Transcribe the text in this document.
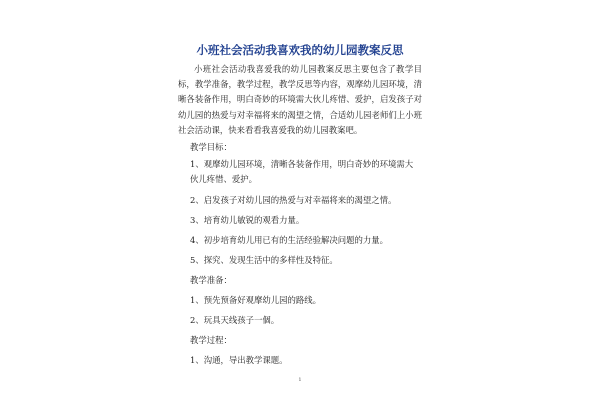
小班社会活动我喜欢我的幼儿园教案反思

小班社会活动我喜爱我的幼儿园教案反思主要包含了教学目标，教学准备，教学过程，教学反思等内容，观摩幼儿园环境，清晰各装备作用，明白奇妙的环境需大伙儿疼惜、爱护，启发孩子对幼儿园的热爱与对幸福将来的渴望之情，合适幼儿园老师们上小班社会活动课，快来看看我喜爱我的幼儿园教案吧。

教学目标：
1、观摩幼儿园环境，清晰各装备作用，明白奇妙的环境需大伙儿疼惜、爱护。
2、启发孩子对幼儿园的热爱与对幸福将来的渴望之情。
3、培育幼儿敏锐的观看力量。
4、初步培育幼儿用已有的生活经验解决问题的力量。
5、探究、发现生活中的多样性及特征。
教学准备：
1、预先预备好观摩幼儿园的路线。
2、玩具天线孩子一個。
教学过程：
1、沟通，导出教学课题。
1
